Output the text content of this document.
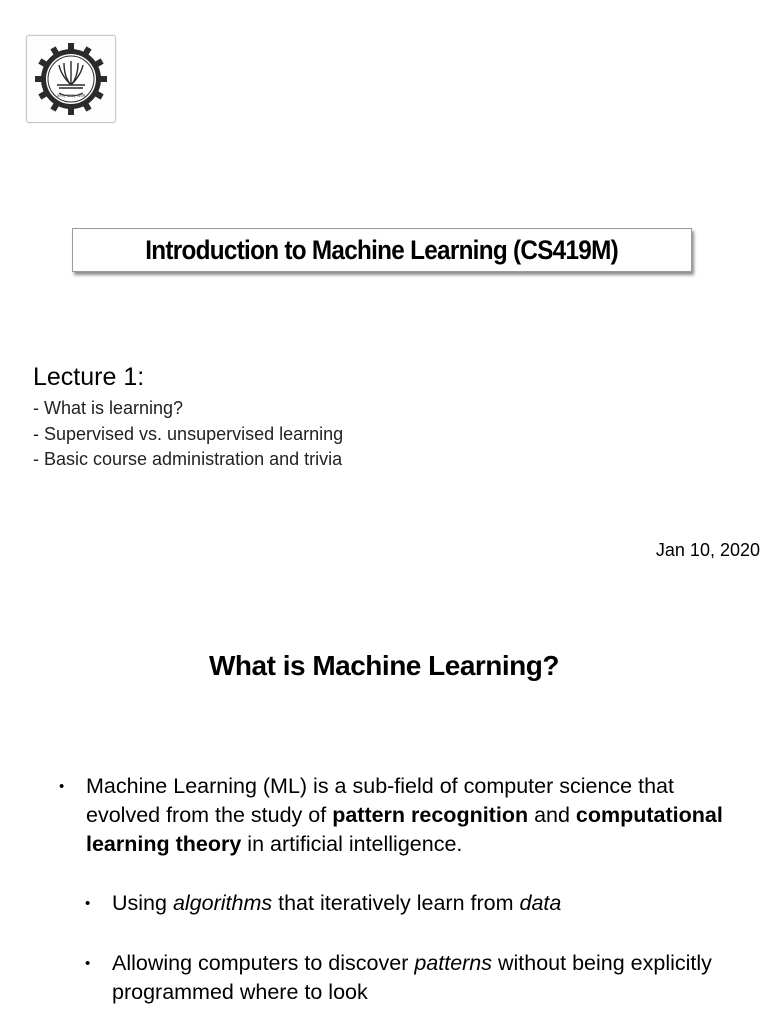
ज्ञानम् परमम् ध्येयम्
Introduction to Machine Learning (CS419M)
Lecture 1:
- What is learning?
- Supervised vs. unsupervised learning
- Basic course administration and trivia
Jan 10, 2020
What is Machine Learning?
• Machine Learning (ML) is a sub-field of computer science that evolved from the study of pattern recognition and computational learning theory in artificial intelligence.
• Using algorithms that iteratively learn from data
• Allowing computers to discover patterns without being explicitly programmed where to look
